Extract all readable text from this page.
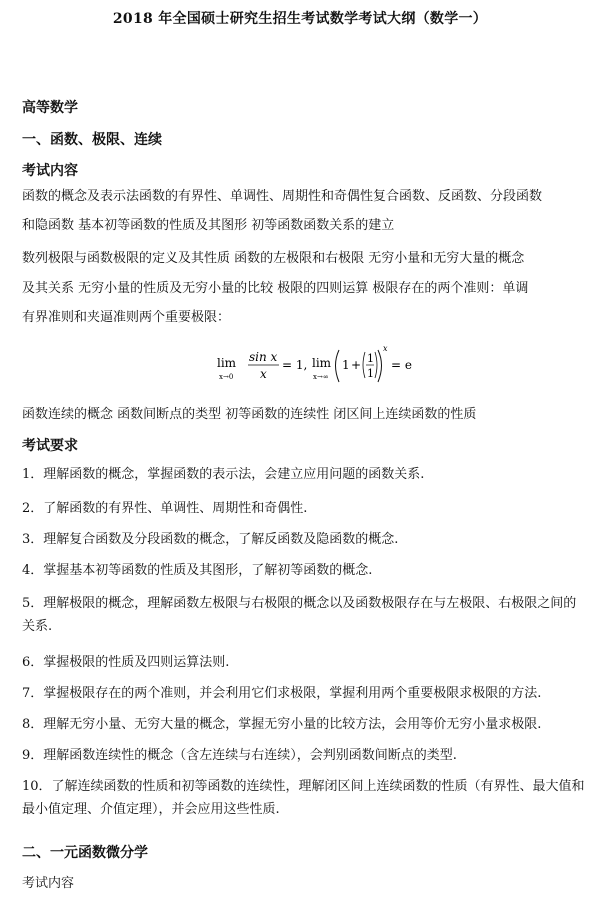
2018 年全国硕士研究生招生考试数学考试大纲（数学一）
高等数学
一、函数、极限、连续
考试内容
函数的概念及表示法函数的有界性、单调性、周期性和奇偶性复合函数、反函数、分段函数
和隐函数 基本初等函数的性质及其图形 初等函数函数关系的建立
数列极限与函数极限的定义及其性质 函数的左极限和右极限 无穷小量和无穷大量的概念
及其关系 无穷小量的性质及无穷小量的比较 极限的四则运算 极限存在的两个准则：单调
有界准则和夹逼准则两个重要极限：
lim
x→0
sin x
x
= 1, lim
x→∞
1 + 1
1
x
= e
函数连续的概念 函数间断点的类型 初等函数的连续性 闭区间上连续函数的性质
考试要求
1．理解函数的概念，掌握函数的表示法，会建立应用问题的函数关系.
2．了解函数的有界性、单调性、周期性和奇偶性.
3．理解复合函数及分段函数的概念，了解反函数及隐函数的概念.
4．掌握基本初等函数的性质及其图形，了解初等函数的概念.
5．理解极限的概念，理解函数左极限与右极限的概念以及函数极限存在与左极限、右极限之间的关系.
6．掌握极限的性质及四则运算法则.
7．掌握极限存在的两个准则，并会利用它们求极限，掌握利用两个重要极限求极限的方法.
8．理解无穷小量、无穷大量的概念，掌握无穷小量的比较方法，会用等价无穷小量求极限.
9．理解函数连续性的概念（含左连续与右连续），会判别函数间断点的类型.
10．了解连续函数的性质和初等函数的连续性，理解闭区间上连续函数的性质（有界性、最大值和最小值定理、介值定理），并会应用这些性质.
二、一元函数微分学
考试内容
